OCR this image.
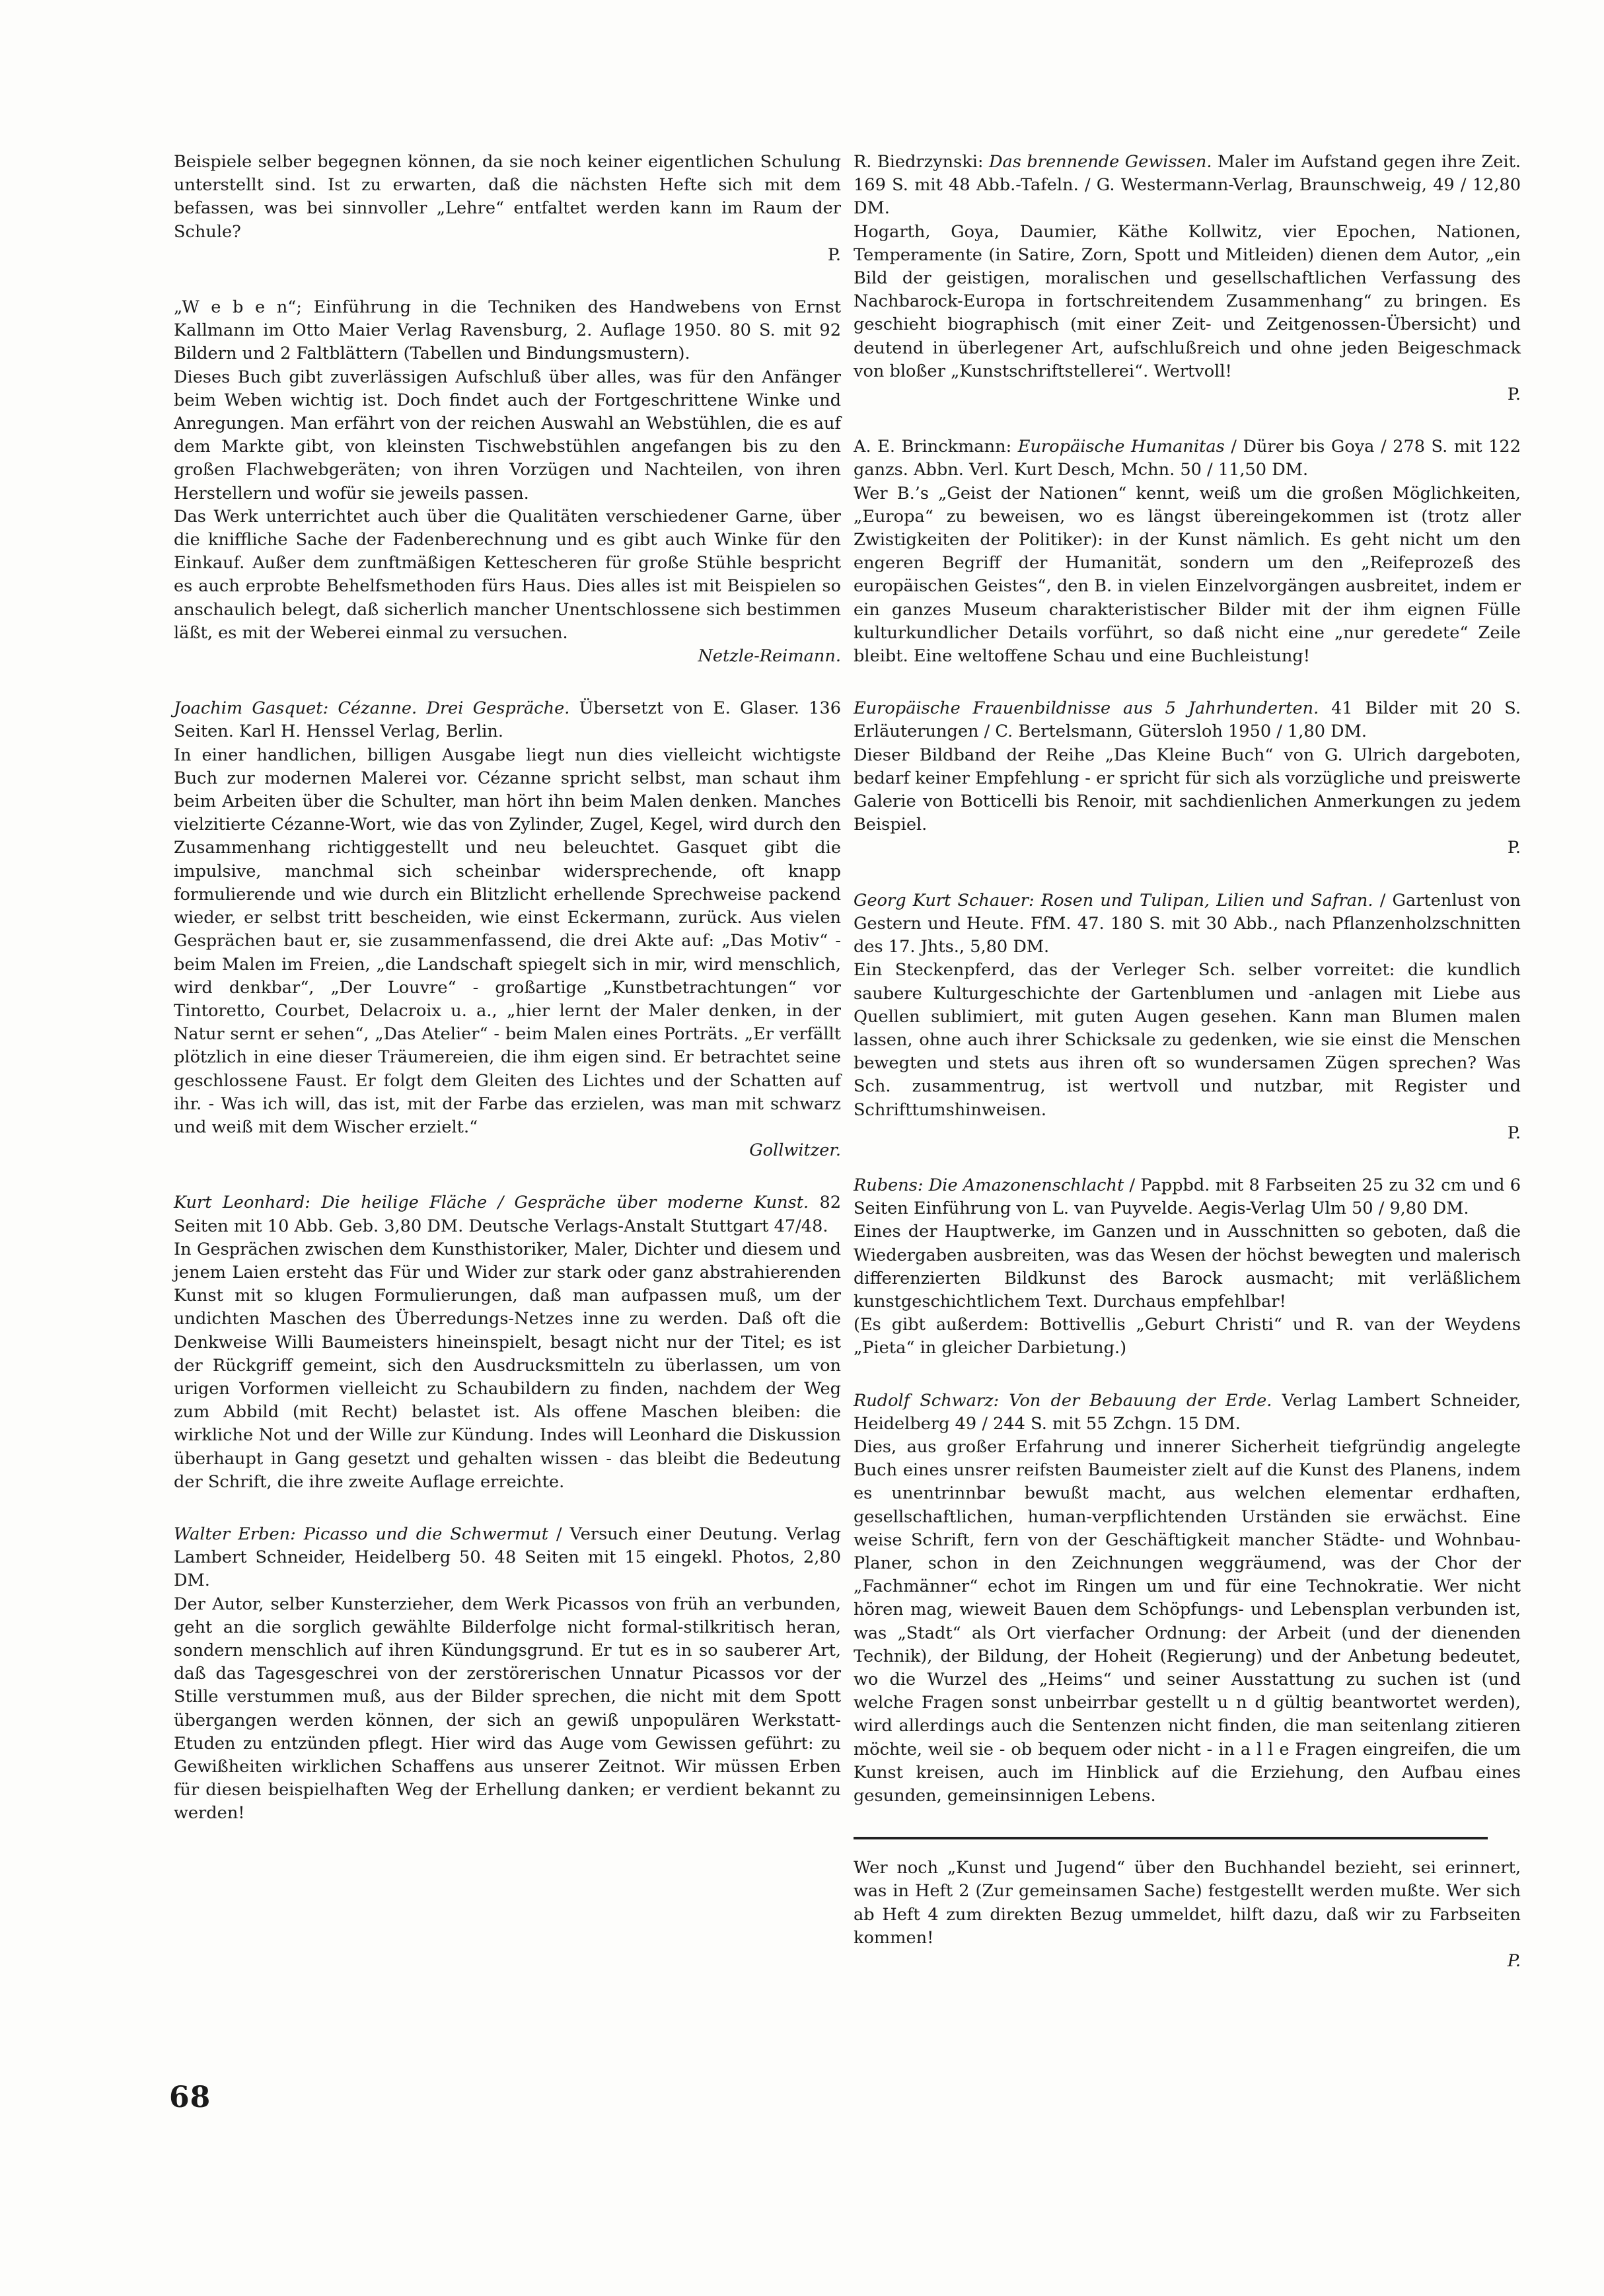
Beispiele selber begegnen können, da sie noch keiner eigentlichen Schulung unterstellt sind. Ist zu erwarten, daß die nächsten Hefte sich mit dem befassen, was bei sinnvoller „Lehre“ entfaltet werden kann im Raum der Schule?

P.

„W e b e n“; Einführung in die Techniken des Handwebens von Ernst Kallmann im Otto Maier Verlag Ravensburg, 2. Auflage 1950. 80 S. mit 92 Bildern und 2 Faltblättern (Tabellen und Bindungsmustern).

Dieses Buch gibt zuverlässigen Aufschluß über alles, was für den Anfänger beim Weben wichtig ist. Doch findet auch der Fortgeschrittene Winke und Anregungen. Man erfährt von der reichen Auswahl an Webstühlen, die es auf dem Markte gibt, von kleinsten Tischwebstühlen angefangen bis zu den großen Flachwebgeräten; von ihren Vorzügen und Nachteilen, von ihren Herstellern und wofür sie jeweils passen.

Das Werk unterrichtet auch über die Qualitäten verschiedener Garne, über die kniffliche Sache der Fadenberechnung und es gibt auch Winke für den Einkauf. Außer dem zunftmäßigen Kettescheren für große Stühle bespricht es auch erprobte Behelfsmethoden fürs Haus. Dies alles ist mit Beispielen so anschaulich belegt, daß sicherlich mancher Unentschlossene sich bestimmen läßt, es mit der Weberei einmal zu versuchen.

Netzle-Reimann.

Joachim Gasquet: Cézanne. Drei Gespräche. Übersetzt von E. Glaser. 136 Seiten. Karl H. Henssel Verlag, Berlin.

In einer handlichen, billigen Ausgabe liegt nun dies vielleicht wichtigste Buch zur modernen Malerei vor. Cézanne spricht selbst, man schaut ihm beim Arbeiten über die Schulter, man hört ihn beim Malen denken. Manches vielzitierte Cézanne-Wort, wie das von Zylinder, Zugel, Kegel, wird durch den Zusammenhang richtiggestellt und neu beleuchtet. Gasquet gibt die impulsive, manchmal sich scheinbar widersprechende, oft knapp formulierende und wie durch ein Blitzlicht erhellende Sprechweise packend wieder, er selbst tritt bescheiden, wie einst Eckermann, zurück. Aus vielen Gesprächen baut er, sie zusammenfassend, die drei Akte auf: „Das Motiv“ - beim Malen im Freien, „die Landschaft spiegelt sich in mir, wird menschlich, wird denkbar“, „Der Louvre“ - großartige „Kunstbetrachtungen“ vor Tintoretto, Courbet, Delacroix u. a., „hier lernt der Maler denken, in der Natur sernt er sehen“, „Das Atelier“ - beim Malen eines Porträts. „Er verfällt plötzlich in eine dieser Träumereien, die ihm eigen sind. Er betrachtet seine geschlossene Faust. Er folgt dem Gleiten des Lichtes und der Schatten auf ihr. - Was ich will, das ist, mit der Farbe das erzielen, was man mit schwarz und weiß mit dem Wischer erzielt.“

Gollwitzer.

Kurt Leonhard: Die heilige Fläche / Gespräche über moderne Kunst. 82 Seiten mit 10 Abb. Geb. 3,80 DM. Deutsche Verlags-Anstalt Stuttgart 47/48.

In Gesprächen zwischen dem Kunsthistoriker, Maler, Dichter und diesem und jenem Laien ersteht das Für und Wider zur stark oder ganz abstrahierenden Kunst mit so klugen Formulierungen, daß man aufpassen muß, um der undichten Maschen des Überredungs-Netzes inne zu werden. Daß oft die Denkweise Willi Baumeisters hineinspielt, besagt nicht nur der Titel; es ist der Rückgriff gemeint, sich den Ausdrucksmitteln zu überlassen, um von urigen Vorformen vielleicht zu Schaubildern zu finden, nachdem der Weg zum Abbild (mit Recht) belastet ist. Als offene Maschen bleiben: die wirkliche Not und der Wille zur Kündung. Indes will Leonhard die Diskussion überhaupt in Gang gesetzt und gehalten wissen - das bleibt die Bedeutung der Schrift, die ihre zweite Auflage erreichte.

Walter Erben: Picasso und die Schwermut / Versuch einer Deutung. Verlag Lambert Schneider, Heidelberg 50. 48 Seiten mit 15 eingekl. Photos, 2,80 DM.

Der Autor, selber Kunsterzieher, dem Werk Picassos von früh an verbunden, geht an die sorglich gewählte Bilderfolge nicht formal-stilkritisch heran, sondern menschlich auf ihren Kündungsgrund. Er tut es in so sauberer Art, daß das Tagesgeschrei von der zerstörerischen Unnatur Picassos vor der Stille verstummen muß, aus der Bilder sprechen, die nicht mit dem Spott übergangen werden können, der sich an gewiß unpopulären Werkstatt-Etuden zu entzünden pflegt. Hier wird das Auge vom Gewissen geführt: zu Gewißheiten wirklichen Schaffens aus unserer Zeitnot. Wir müssen Erben für diesen beispielhaften Weg der Erhellung danken; er verdient bekannt zu werden!

R. Biedrzynski: Das brennende Gewissen. Maler im Aufstand gegen ihre Zeit. 169 S. mit 48 Abb.-Tafeln. / G. Westermann-Verlag, Braunschweig, 49 / 12,80 DM.

Hogarth, Goya, Daumier, Käthe Kollwitz, vier Epochen, Nationen, Temperamente (in Satire, Zorn, Spott und Mitleiden) dienen dem Autor, „ein Bild der geistigen, moralischen und gesellschaftlichen Verfassung des Nachbarock-Europa in fortschreitendem Zusammenhang“ zu bringen. Es geschieht biographisch (mit einer Zeit- und Zeitgenossen-Übersicht) und deutend in überlegener Art, aufschlußreich und ohne jeden Beigeschmack von bloßer „Kunstschriftstellerei“. Wertvoll!

P.

A. E. Brinckmann: Europäische Humanitas / Dürer bis Goya / 278 S. mit 122 ganzs. Abbn. Verl. Kurt Desch, Mchn. 50 / 11,50 DM.

Wer B.’s „Geist der Nationen“ kennt, weiß um die großen Möglichkeiten, „Europa“ zu beweisen, wo es längst übereingekommen ist (trotz aller Zwistigkeiten der Politiker): in der Kunst nämlich. Es geht nicht um den engeren Begriff der Humanität, sondern um den „Reifeprozeß des europäischen Geistes“, den B. in vielen Einzelvorgängen ausbreitet, indem er ein ganzes Museum charakteristischer Bilder mit der ihm eignen Fülle kulturkundlicher Details vorführt, so daß nicht eine „nur geredete“ Zeile bleibt. Eine weltoffene Schau und eine Buchleistung!

Europäische Frauenbildnisse aus 5 Jahrhunderten. 41 Bilder mit 20 S. Erläuterungen / C. Bertelsmann, Gütersloh 1950 / 1,80 DM.

Dieser Bildband der Reihe „Das Kleine Buch“ von G. Ulrich dargeboten, bedarf keiner Empfehlung - er spricht für sich als vorzügliche und preiswerte Galerie von Botticelli bis Renoir, mit sachdienlichen Anmerkungen zu jedem Beispiel.

P.

Georg Kurt Schauer: Rosen und Tulipan, Lilien und Safran. / Gartenlust von Gestern und Heute. FfM. 47. 180 S. mit 30 Abb., nach Pflanzenholzschnitten des 17. Jhts., 5,80 DM.

Ein Steckenpferd, das der Verleger Sch. selber vorreitet: die kundlich saubere Kulturgeschichte der Gartenblumen und -anlagen mit Liebe aus Quellen sublimiert, mit guten Augen gesehen. Kann man Blumen malen lassen, ohne auch ihrer Schicksale zu gedenken, wie sie einst die Menschen bewegten und stets aus ihren oft so wundersamen Zügen sprechen? Was Sch. zusammentrug, ist wertvoll und nutzbar, mit Register und Schrifttumshinweisen.

P.

Rubens: Die Amazonenschlacht / Pappbd. mit 8 Farbseiten 25 zu 32 cm und 6 Seiten Einführung von L. van Puyvelde. Aegis-Verlag Ulm 50 / 9,80 DM.

Eines der Hauptwerke, im Ganzen und in Ausschnitten so geboten, daß die Wiedergaben ausbreiten, was das Wesen der höchst bewegten und malerisch differenzierten Bildkunst des Barock ausmacht; mit verläßlichem kunstgeschichtlichem Text. Durchaus empfehlbar!

(Es gibt außerdem: Bottivellis „Geburt Christi“ und R. van der Weydens „Pieta“ in gleicher Darbietung.)

Rudolf Schwarz: Von der Bebauung der Erde. Verlag Lambert Schneider, Heidelberg 49 / 244 S. mit 55 Zchgn. 15 DM.

Dies, aus großer Erfahrung und innerer Sicherheit tiefgründig angelegte Buch eines unsrer reifsten Baumeister zielt auf die Kunst des Planens, indem es unentrinnbar bewußt macht, aus welchen elementar erdhaften, gesellschaftlichen, human-verpflichtenden Urständen sie erwächst. Eine weise Schrift, fern von der Geschäftigkeit mancher Städte- und Wohnbau-Planer, schon in den Zeichnungen weggräumend, was der Chor der „Fachmänner“ echot im Ringen um und für eine Technokratie. Wer nicht hören mag, wieweit Bauen dem Schöpfungs- und Lebensplan verbunden ist, was „Stadt“ als Ort vierfacher Ordnung: der Arbeit (und der dienenden Technik), der Bildung, der Hoheit (Regierung) und der Anbetung bedeutet, wo die Wurzel des „Heims“ und seiner Ausstattung zu suchen ist (und welche Fragen sonst unbeirrbar gestellt u n d gültig beantwortet werden), wird allerdings auch die Sentenzen nicht finden, die man seitenlang zitieren möchte, weil sie - ob bequem oder nicht - in a l l e Fragen eingreifen, die um Kunst kreisen, auch im Hinblick auf die Erziehung, den Aufbau eines gesunden, gemeinsinnigen Lebens.

Wer noch „Kunst und Jugend“ über den Buchhandel bezieht, sei erinnert, was in Heft 2 (Zur gemeinsamen Sache) festgestellt werden mußte. Wer sich ab Heft 4 zum direkten Bezug ummeldet, hilft dazu, daß wir zu Farbseiten kommen!

P.

68
